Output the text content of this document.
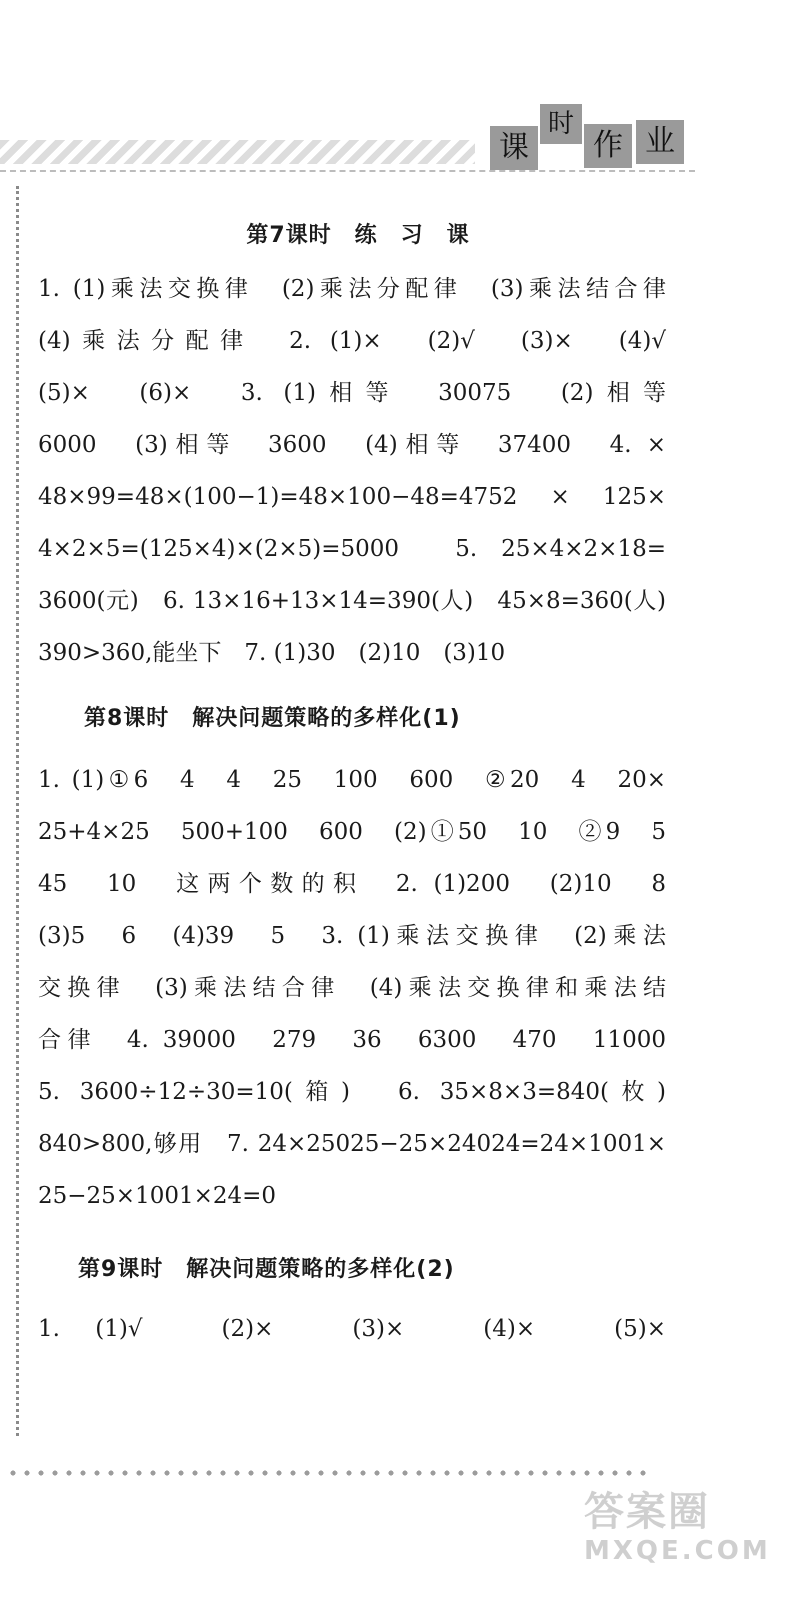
课
时
作 业
第7课时　练　习　课
1. (1)乘法交换律　(2)乘法分配律　(3)乘法结合律
(4)乘法分配律　2. (1)×　(2)√　(3)×　(4)√
(5)×　(6)×　3. (1)相等　30075　(2)相等
6000　(3)相等　3600　(4)相等　37400　4. ×
48×99=48×(100−1)=48×100−48=4752　×　125×
4×2×5=(125×4)×(2×5)=5000　5. 25×4×2×18=
3600(元)　6. 13×16+13×14=390(人)　45×8=360(人)
390>360,能坐下　7. (1)30　(2)10　(3)10
第8课时　解决问题策略的多样化(1)
1. (1)①6　4　4　25　100　600　②20　4　20×
25+4×25　500+100　600　(2)①50　10　②9　5
45　10　这两个数的积　2. (1)200　(2)10　8
(3)5　6　(4)39　5　3. (1)乘法交换律　(2)乘法
交换律　(3)乘法结合律　(4)乘法交换律和乘法结
合律　4. 39000　279　36　6300　470　11000
5. 3600÷12÷30=10(箱)　6. 35×8×3=840(枚)
840>800,够用　7. 24×25025−25×24024=24×1001×
25−25×1001×24=0
第9课时　解决问题策略的多样化(2)
1. (1)√　(2)×　(3)×　(4)×　(5)×
答案圈
MXQE.COM
